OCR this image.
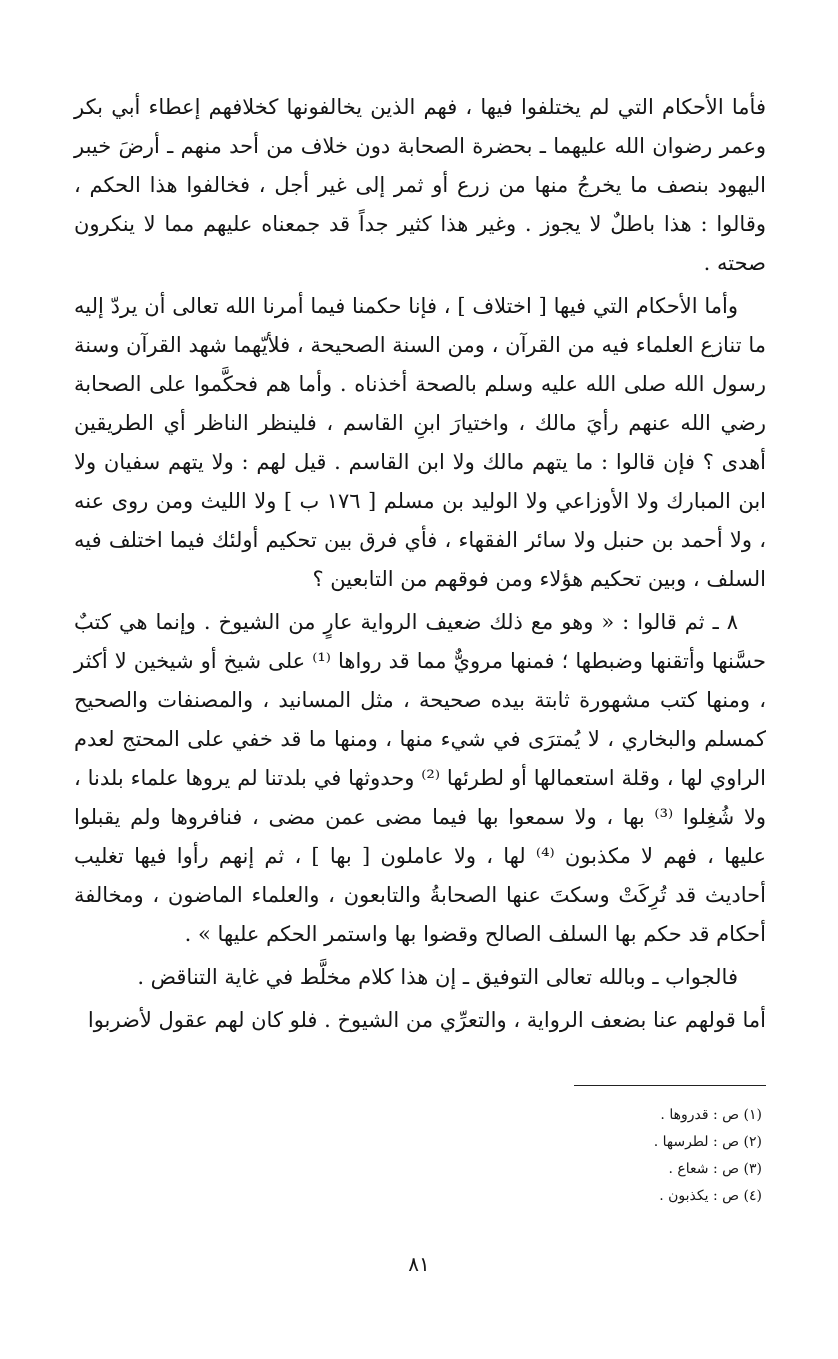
فأما الأحكام التي لم يختلفوا فيها ، فهم الذين يخالفونها كخلافهم إعطاء أبي بكر وعمر رضوان الله عليهما ـ بحضرة الصحابة دون خلاف من أحد منهم ـ أرضَ خيبر اليهود بنصف ما يخرجُ منها من زرع أو ثمر إلى غير أجل ، فخالفوا هذا الحكم ، وقالوا : هذا باطلٌ لا يجوز . وغير هذا كثير جداً قد جمعناه عليهم مما لا ينكرون صحته .

وأما الأحكام التي فيها [ اختلاف ] ، فإنا حكمنا فيما أمرنا الله تعالى أن يردّ إليه ما تنازع العلماء فيه من القرآن ، ومن السنة الصحيحة ، فلأيّهما شهد القرآن وسنة رسول الله صلى الله عليه وسلم بالصحة أخذناه . وأما هم فحكَّموا على الصحابة رضي الله عنهم رأيَ مالك ، واختيارَ ابنِ القاسم ، فلينظر الناظر أي الطريقين أهدى ؟ فإن قالوا : ما يتهم مالك ولا ابن القاسم . قيل لهم : ولا يتهم سفيان ولا ابن المبارك ولا الأوزاعي ولا الوليد بن مسلم [ ١٧٦ ب ] ولا الليث ومن روى عنه ، ولا أحمد بن حنبل ولا سائر الفقهاء ، فأي فرق بين تحكيم أولئك فيما اختلف فيه السلف ، وبين تحكيم هؤلاء ومن فوقهم من التابعين ؟

٨ ـ ثم قالوا : « وهو مع ذلك ضعيف الرواية عارٍ من الشيوخ . وإنما هي كتبٌ حسَّنها وأتقنها وضبطها ؛ فمنها مرويٌّ مما قد رواها ⁽¹⁾ على شيخ أو شيخين لا أكثر ، ومنها كتب مشهورة ثابتة بيده صحيحة ، مثل المسانيد ، والمصنفات والصحيح كمسلم والبخاري ، لا يُمترَى في شيء منها ، ومنها ما قد خفي على المحتج لعدم الراوي لها ، وقلة استعمالها أو لطرئها ⁽²⁾ وحدوثها في بلدتنا لم يروها علماء بلدنا ، ولا شُغِلوا ⁽³⁾ بها ، ولا سمعوا بها فيما مضى عمن مضى ، فنافروها ولم يقبلوا عليها ، فهم لا مكذبون ⁽⁴⁾ لها ، ولا عاملون [ بها ] ، ثم إنهم رأوا فيها تغليب أحاديث قد تُرِكَتْ وسكتَ عنها الصحابةُ والتابعون ، والعلماء الماضون ، ومخالفة أحكام قد حكم بها السلف الصالح وقضوا بها واستمر الحكم عليها » .

فالجواب ـ وبالله تعالى التوفيق ـ إن هذا كلام مخلَّط في غاية التناقض .

أما قولهم عنا بضعف الرواية ، والتعرِّي من الشيوخ . فلو كان لهم عقول لأضربوا

(١) ص : قدروها .
(٢) ص : لطرسها .
(٣) ص : شعاع .
(٤) ص : يكذبون .
٨١
